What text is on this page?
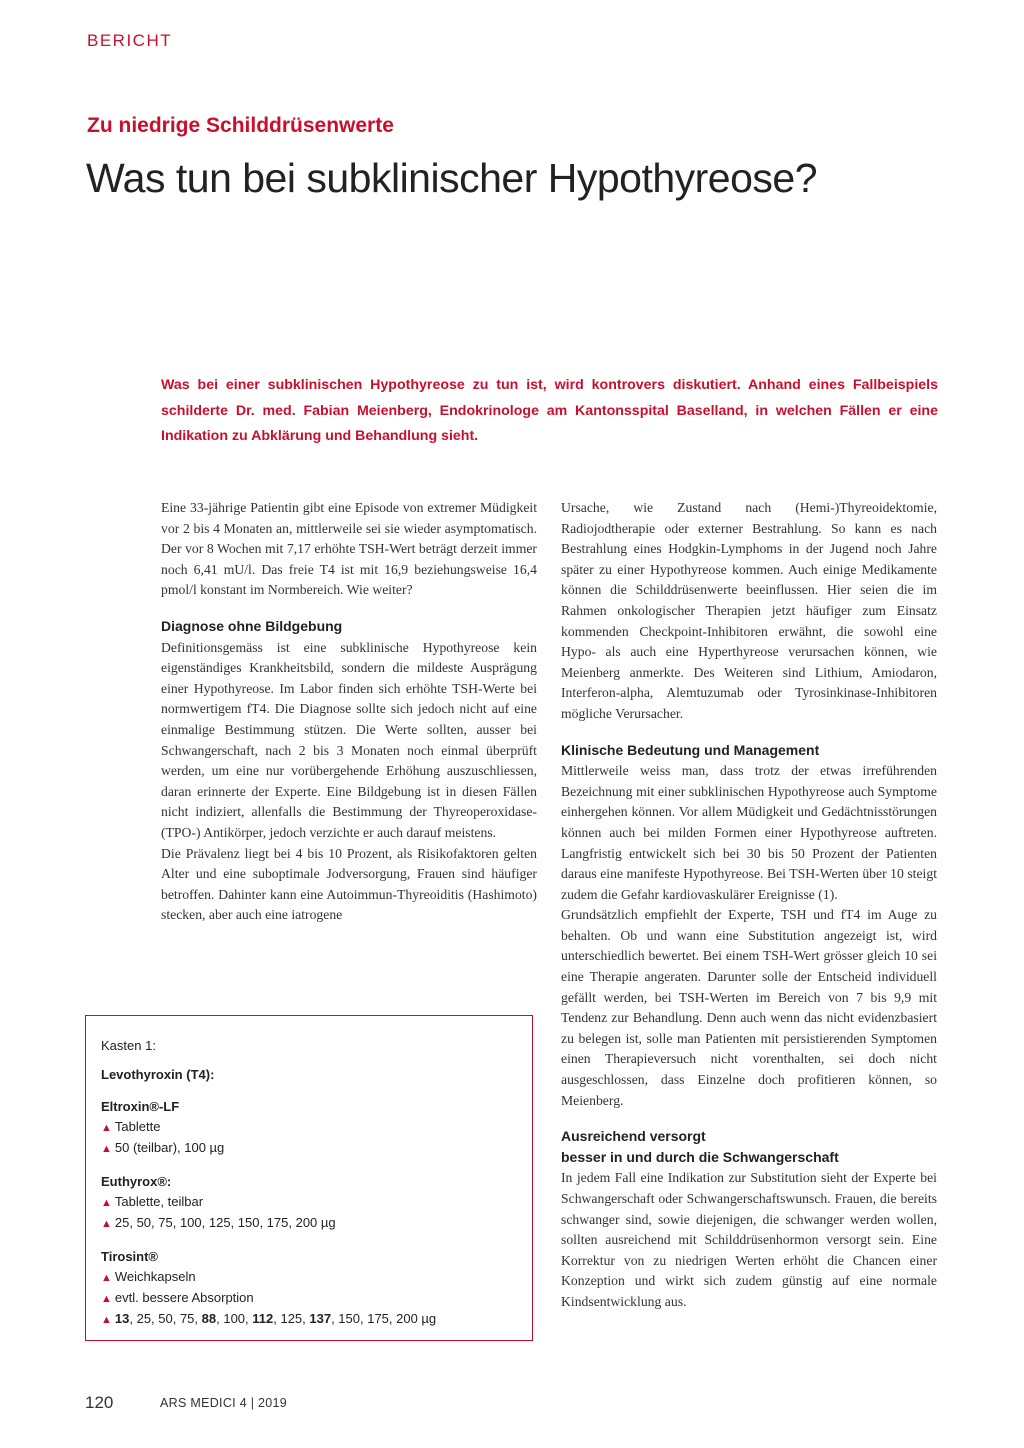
BERICHT
Zu niedrige Schilddrüsenwerte
Was tun bei subklinischer Hypothyreose?
Was bei einer subklinischen Hypothyreose zu tun ist, wird kontrovers diskutiert. Anhand eines Fallbeispiels schilderte Dr. med. Fabian Meienberg, Endokrinologe am Kantonsspital Baselland, in welchen Fällen er eine Indikation zu Abklärung und Behandlung sieht.

Eine 33-jährige Patientin gibt eine Episode von extremer Müdigkeit vor 2 bis 4 Monaten an, mittlerweile sei sie wieder asymptomatisch. Der vor 8 Wochen mit 7,17 erhöhte TSH-Wert beträgt derzeit immer noch 6,41 mU/l. Das freie T4 ist mit 16,9 beziehungsweise 16,4 pmol/l konstant im Normbereich. Wie weiter?

Diagnose ohne Bildgebung

Definitionsgemäss ist eine subklinische Hypothyreose kein eigenständiges Krankheitsbild, sondern die mildeste Ausprägung einer Hypothyreose. Im Labor finden sich erhöhte TSH-Werte bei normwertigem fT4. Die Diagnose sollte sich jedoch nicht auf eine einmalige Bestimmung stützen. Die Werte sollten, ausser bei Schwangerschaft, nach 2 bis 3 Monaten noch einmal überprüft werden, um eine nur vorübergehende Erhöhung auszuschliessen, daran erinnerte der Experte. Eine Bildgebung ist in diesen Fällen nicht indiziert, allenfalls die Bestimmung der Thyreoperoxidase-(TPO-) Antikörper, jedoch verzichte er auch darauf meistens.

Die Prävalenz liegt bei 4 bis 10 Prozent, als Risikofaktoren gelten Alter und eine suboptimale Jodversorgung, Frauen sind häufiger betroffen. Dahinter kann eine Autoimmun-Thyreoiditis (Hashimoto) stecken, aber auch eine iatrogene

Ursache, wie Zustand nach (Hemi-)Thyreoidektomie, Radiojodtherapie oder externer Bestrahlung. So kann es nach Bestrahlung eines Hodgkin-Lymphoms in der Jugend noch Jahre später zu einer Hypothyreose kommen. Auch einige Medikamente können die Schilddrüsenwerte beeinflussen. Hier seien die im Rahmen onkologischer Therapien jetzt häufiger zum Einsatz kommenden Checkpoint-Inhibitoren erwähnt, die sowohl eine Hypo- als auch eine Hyperthyreose verursachen können, wie Meienberg anmerkte. Des Weiteren sind Lithium, Amiodaron, Interferon-alpha, Alemtuzumab oder Tyrosinkinase-Inhibitoren mögliche Verursacher.

Klinische Bedeutung und Management

Mittlerweile weiss man, dass trotz der etwas irreführenden Bezeichnung mit einer subklinischen Hypothyreose auch Symptome einhergehen können. Vor allem Müdigkeit und Gedächtnisstörungen können auch bei milden Formen einer Hypothyreose auftreten. Langfristig entwickelt sich bei 30 bis 50 Prozent der Patienten daraus eine manifeste Hypothyreose. Bei TSH-Werten über 10 steigt zudem die Gefahr kardiovaskulärer Ereignisse (1).

Grundsätzlich empfiehlt der Experte, TSH und fT4 im Auge zu behalten. Ob und wann eine Substitution angezeigt ist, wird unterschiedlich bewertet. Bei einem TSH-Wert grösser gleich 10 sei eine Therapie angeraten. Darunter solle der Entscheid individuell gefällt werden, bei TSH-Werten im Bereich von 7 bis 9,9 mit Tendenz zur Behandlung. Denn auch wenn das nicht evidenzbasiert zu belegen ist, solle man Patienten mit persistierenden Symptomen einen Therapieversuch nicht vorenthalten, sei doch nicht ausgeschlossen, dass Einzelne doch profitieren können, so Meienberg.

Ausreichend versorgt
besser in und durch die Schwangerschaft

In jedem Fall eine Indikation zur Substitution sieht der Experte bei Schwangerschaft oder Schwangerschaftswunsch. Frauen, die bereits schwanger sind, sowie diejenigen, die schwanger werden wollen, sollten ausreichend mit Schilddrüsenhormon versorgt sein. Eine Korrektur von zu niedrigen Werten erhöht die Chancen einer Konzeption und wirkt sich zudem günstig auf eine normale Kindsentwicklung aus.

Kasten 1:
Levothyroxin (T4):
Eltroxin®-LF
▲ Tablette
▲ 50 (teilbar), 100 µg
Euthyrox®:
▲ Tablette, teilbar
▲ 25, 50, 75, 100, 125, 150, 175, 200 µg
Tirosint®
▲ Weichkapseln
▲ evtl. bessere Absorption
▲ 13, 25, 50, 75, 88, 100, 112, 125, 137, 150, 175, 200 µg
120	ARS MEDICI 4 | 2019
